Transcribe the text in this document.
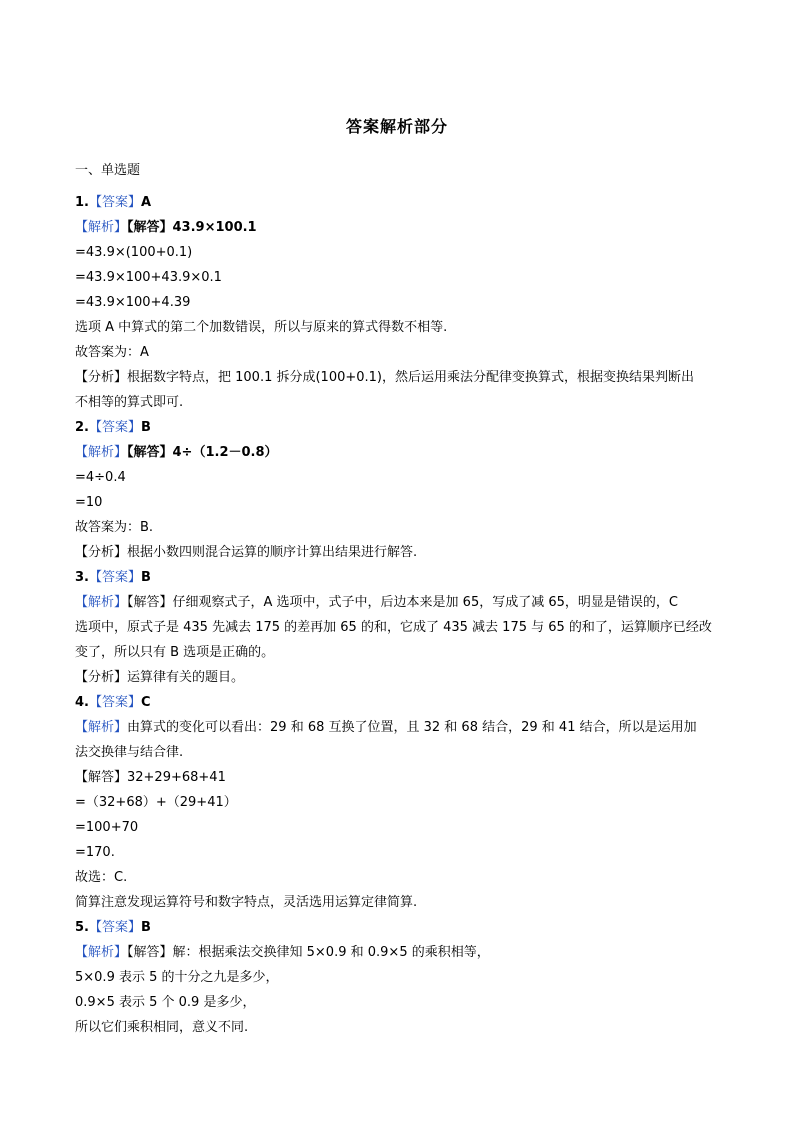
答案解析部分
一、单选题
1.【答案】A
【解析】【解答】43.9×100.1
=43.9×(100+0.1)
=43.9×100+43.9×0.1
=43.9×100+4.39
选项 A 中算式的第二个加数错误，所以与原来的算式得数不相等.
故答案为：A
【分析】根据数字特点，把 100.1 拆分成(100+0.1)，然后运用乘法分配律变换算式，根据变换结果判断出
不相等的算式即可.
2.【答案】B
【解析】【解答】4÷（1.2－0.8）
=4÷0.4
=10
故答案为：B.
【分析】根据小数四则混合运算的顺序计算出结果进行解答.
3.【答案】B
【解析】【解答】仔细观察式子，A 选项中，式子中，后边本来是加 65，写成了减 65，明显是错误的，C
选项中，原式子是 435 先减去 175 的差再加 65 的和，它成了 435 减去 175 与 65 的和了，运算顺序已经改
变了，所以只有 B 选项是正确的。
【分析】运算律有关的题目。
4.【答案】C
【解析】由算式的变化可以看出：29 和 68 互换了位置，且 32 和 68 结合，29 和 41 结合，所以是运用加
法交换律与结合律.
【解答】32+29+68+41
=（32+68）+（29+41）
=100+70
=170.
故选：C.
简算注意发现运算符号和数字特点，灵活选用运算定律简算.
5.【答案】B
【解析】【解答】解：根据乘法交换律知 5×0.9 和 0.9×5 的乘积相等，
5×0.9 表示 5 的十分之九是多少，
0.9×5 表示 5 个 0.9 是多少，
所以它们乘积相同，意义不同.
